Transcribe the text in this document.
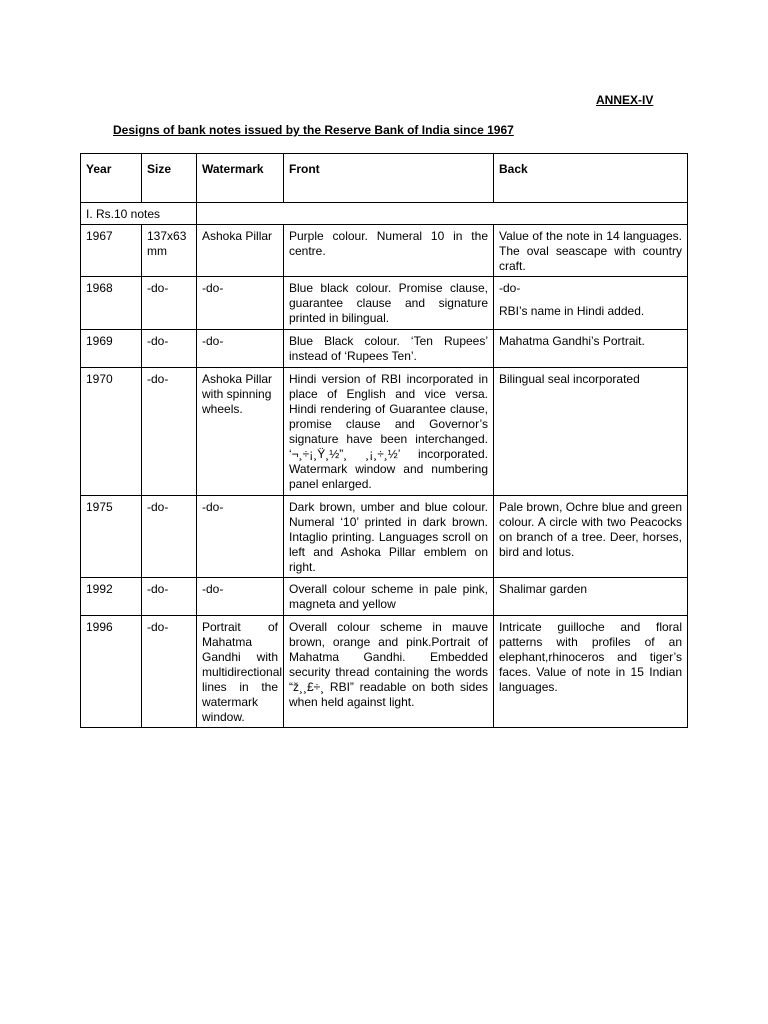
ANNEX-IV
Designs of bank notes issued by the Reserve Bank of India since 1967
Year	Size	Watermark	Front	Back
I. Rs.10 notes				
1967	137x63 mm	Ashoka Pillar	Purple colour. Numeral 10 in the centre.	Value of the note in 14 languages. The oval seascape with country craft.
1968	-do-	-do-	Blue black colour. Promise clause, guarantee clause and signature printed in bilingual.	-do-
RBI’s name in Hindi added.
1969	-do-	-do-	Blue Black colour. ‘Ten Rupees’ instead of ‘Rupees Ten’.	Mahatma Gandhi’s Portrait.
1970	-do-	Ashoka Pillar with spinning wheels.	Hindi version of RBI incorporated in place of English and vice versa. Hindi rendering of Guarantee clause, promise clause and Governor’s signature have been interchanged. ‘¬¸÷¡¸Ÿ¸½”¸ ¸¡¸÷¸½’ incorporated. Watermark window and numbering panel enlarged.	Bilingual seal incorporated
1975	-do-	-do-	Dark brown, umber and blue colour. Numeral ‘10’ printed in dark brown. Intaglio printing. Languages scroll on left and Ashoka Pillar emblem on right.	Pale brown, Ochre blue and green colour. A circle with two Peacocks on branch of a tree. Deer, horses, bird and lotus.
1992	-do-	-do-	Overall colour scheme in pale pink, magneta and yellow	Shalimar garden
1996	-do-	Portrait of Mahatma Gandhi with multidirectional lines in the watermark window.	Overall colour scheme in mauve brown, orange and pink.Portrait of Mahatma Gandhi. Embedded security thread containing the words “ž¸¸£÷¸ RBI” readable on both sides when held against light.	Intricate guilloche and floral patterns with profiles of an elephant,rhinoceros and tiger’s faces. Value of note in 15 Indian languages.
